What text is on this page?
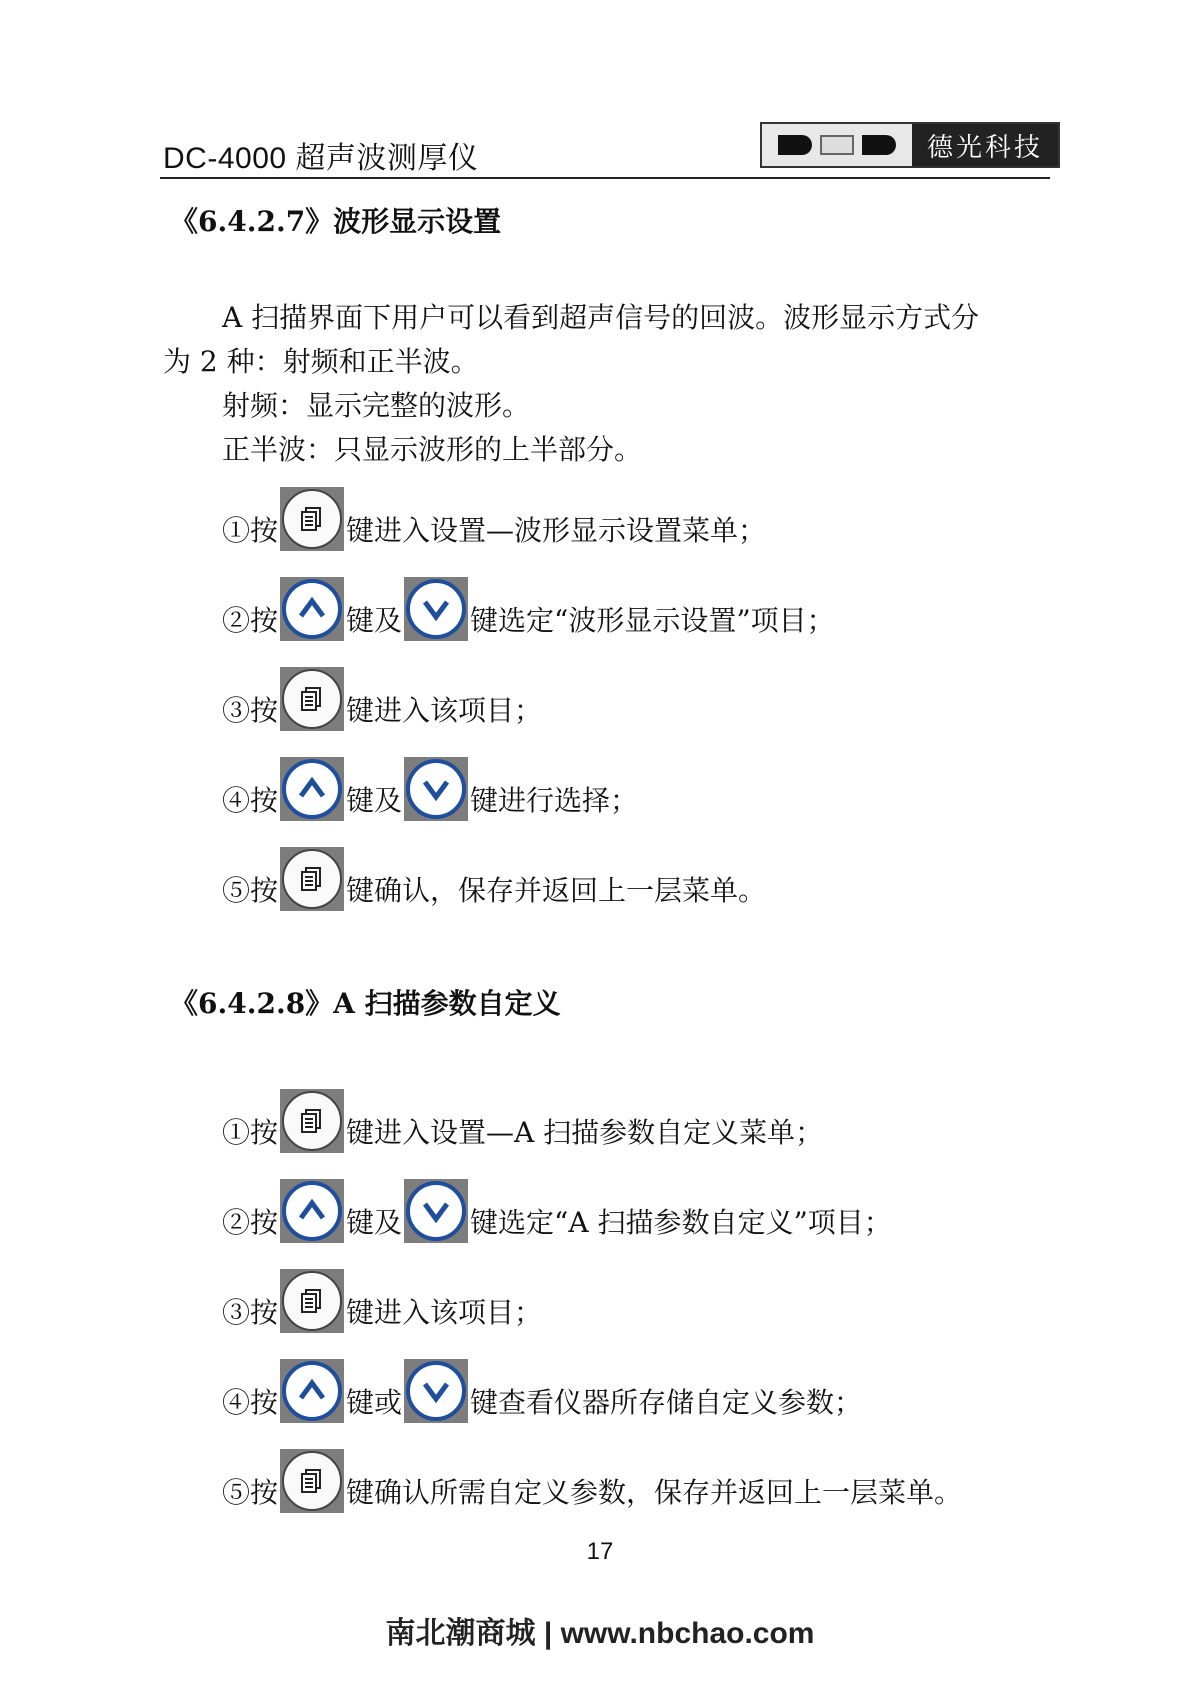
DC-4000 超声波测厚仪	德光科技
《6.4.2.7》波形显示设置
A 扫描界面下用户可以看到超声信号的回波。波形显示方式分
为 2 种：射频和正半波。
射频：显示完整的波形。
正半波：只显示波形的上半部分。
①按 键进入设置—波形显示设置菜单；
②按 键及 键选定“波形显示设置”项目；
③按 键进入该项目；
④按 键及 键进行选择；
⑤按 键确认，保存并返回上一层菜单。
《6.4.2.8》A 扫描参数自定义
①按 键进入设置—A 扫描参数自定义菜单；
②按 键及 键选定“A 扫描参数自定义”项目；
③按 键进入该项目；
④按 键或 键查看仪器所存储自定义参数；
⑤按 键确认所需自定义参数，保存并返回上一层菜单。
17
南北潮商城 | www.nbchao.com
